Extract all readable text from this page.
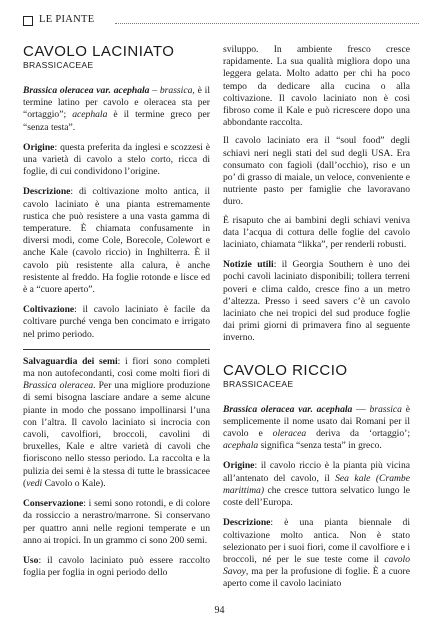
LE PIANTE
CAVOLO LACINIATO
BRASSICACEAE

Brassica oleracea var. acephala – brassica, è il termine latino per cavolo e oleracea sta per “ortaggio”; acephala è il termine greco per “senza testa”.

Origine: questa preferita da inglesi e scozzesi è una varietà di cavolo a stelo corto, ricca di foglie, di cui condividono l’origine.

Descrizione: di coltivazione molto antica, il cavolo laciniato è una pianta estremamente rustica che può resistere a una vasta gamma di temperature. È chiamata confusamente in diversi modi, come Cole, Borecole, Colewort e anche Kale (cavolo riccio) in Inghilterra. È il cavolo più resistente alla calura, è anche resistente al freddo. Ha foglie rotonde e lisce ed è a “cuore aperto”.

Coltivazione: il cavolo laciniato è facile da coltivare purché venga ben concimato e irrigato nel primo periodo.

Salvaguardia dei semi: i fiori sono completi ma non autofecondanti, così come molti fiori di Brassica oleracea. Per una migliore produzione di semi bisogna lasciare andare a seme alcune piante in modo che possano impollinarsi l’una con l’altra. Il cavolo laciniato si incrocia con cavoli, cavolfiori, broccoli, cavolini di bruxelles, Kale e altre varietà di cavoli che fioriscono nello stesso periodo. La raccolta e la pulizia dei semi è la stessa di tutte le brassicacee (vedi Cavolo o Kale).

Conservazione: i semi sono rotondi, e di colore da rossiccio a nerastro/marrone. Si conservano per quattro anni nelle regioni temperate e un anno ai tropici. In un grammo ci sono 200 semi.

Uso: il cavolo laciniato può essere raccolto foglia per foglia in ogni periodo dello

sviluppo. In ambiente fresco cresce rapidamente. La sua qualità migliora dopo una leggera gelata. Molto adatto per chi ha poco tempo da dedicare alla cucina o alla coltivazione. Il cavolo laciniato non è così fibroso come il Kale e può ricrescere dopo una abbondante raccolta.

Il cavolo laciniato era il “soul food” degli schiavi neri negli stati del sud degli USA. Era consumato con fagioli (dall’occhio), riso e un po’ di grasso di maiale, un veloce, conveniente e nutriente pasto per famiglie che lavoravano duro.

È risaputo che ai bambini degli schiavi veniva data l’acqua di cottura delle foglie del cavolo laciniato, chiamata “likka”, per renderli robusti.

Notizie utili: il Georgia Southern è uno dei pochi cavoli laciniato disponibili; tollera terreni poveri e clima caldo, cresce fino a un metro d’altezza. Presso i seed savers c’è un cavolo laciniato che nei tropici del sud produce foglie dai primi giorni di primavera fino al seguente inverno.

CAVOLO RICCIO
BRASSICACEAE

Brassica oleracea var. acephala — brassica è semplicemente il nome usato dai Romani per il cavolo e oleracea deriva da ‘ortaggio’; acephala significa “senza testa” in greco.

Origine: il cavolo riccio è la pianta più vicina all’antenato del cavolo, il Sea kale (Crambe marittima) che cresce tuttora selvatico lungo le coste dell’Europa.

Descrizione: è una pianta biennale di coltivazione molto antica. Non è stato selezionato per i suoi fiori, come il cavolfiore e i broccoli, né per le sue teste come il cavolo Savoy, ma per la profusione di foglie. È a cuore aperto come il cavolo laciniato

94
